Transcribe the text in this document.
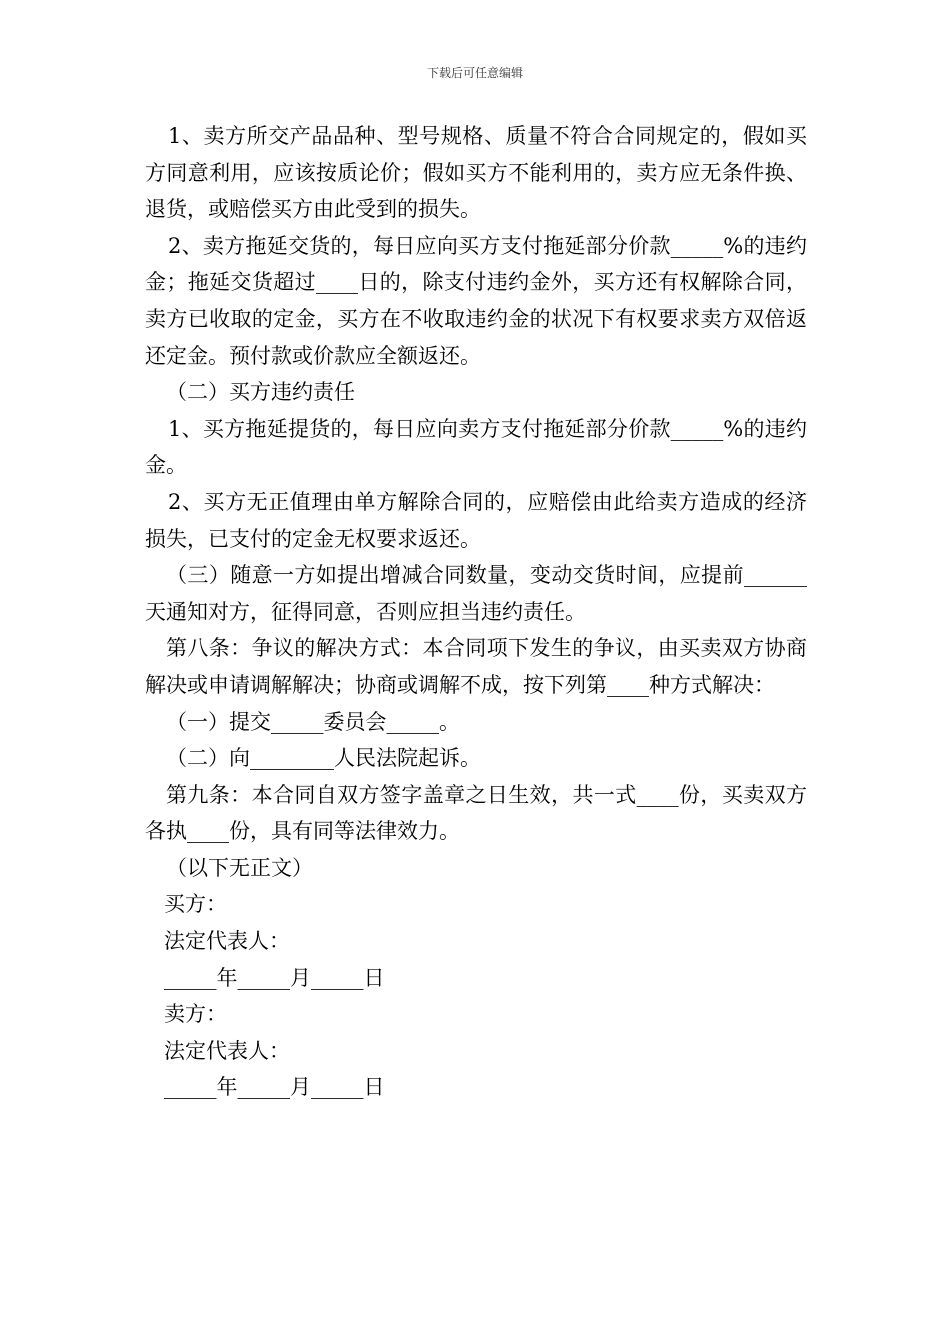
下载后可任意编辑

1、卖方所交产品品种、型号规格、质量不符合合同规定的，假如买方同意利用，应该按质论价；假如买方不能利用的，卖方应无条件换、退货，或赔偿买方由此受到的损失。

2、卖方拖延交货的，每日应向买方支付拖延部分价款_____%的违约金；拖延交货超过____日的，除支付违约金外，买方还有权解除合同，卖方已收取的定金，买方在不收取违约金的状况下有权要求卖方双倍返还定金。预付款或价款应全额返还。

（二）买方违约责任

1、买方拖延提货的，每日应向卖方支付拖延部分价款_____%的违约金。

2、买方无正值理由单方解除合同的，应赔偿由此给卖方造成的经济损失，已支付的定金无权要求返还。

（三）随意一方如提出增减合同数量，变动交货时间，应提前______天通知对方，征得同意，否则应担当违约责任。

第八条：争议的解决方式：本合同项下发生的争议，由买卖双方协商解决或申请调解解决；协商或调解不成，按下列第____种方式解决：

（一）提交_____委员会_____。

（二）向________人民法院起诉。

第九条：本合同自双方签字盖章之日生效，共一式____份，买卖双方各执____份，具有同等法律效力。

（以下无正文）

买方：

法定代表人：

_____年_____月_____日

卖方：

法定代表人：

_____年_____月_____日
